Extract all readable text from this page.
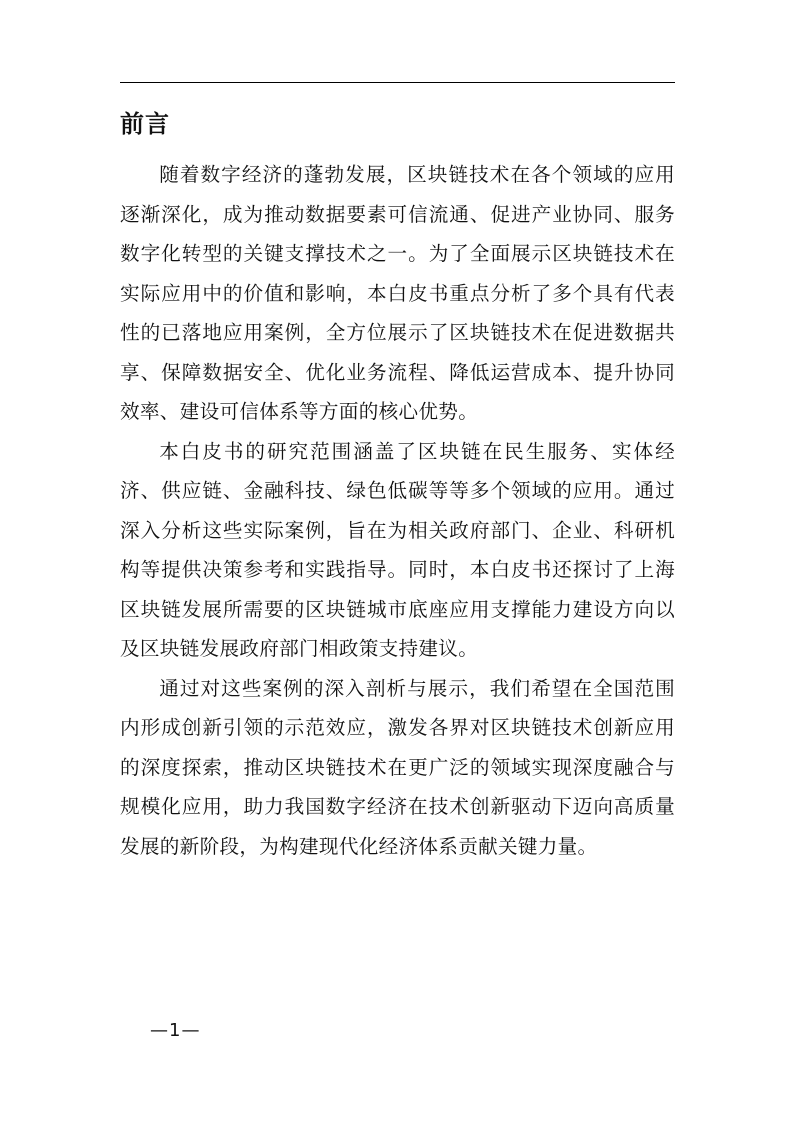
前言

随着数字经济的蓬勃发展，区块链技术在各个领域的应用逐渐深化，成为推动数据要素可信流通、促进产业协同、服务数字化转型的关键支撑技术之一。为了全面展示区块链技术在实际应用中的价值和影响，本白皮书重点分析了多个具有代表性的已落地应用案例，全方位展示了区块链技术在促进数据共享、保障数据安全、优化业务流程、降低运营成本、提升协同效率、建设可信体系等方面的核心优势。

本白皮书的研究范围涵盖了区块链在民生服务、实体经济、供应链、金融科技、绿色低碳等等多个领域的应用。通过深入分析这些实际案例，旨在为相关政府部门、企业、科研机构等提供决策参考和实践指导。同时，本白皮书还探讨了上海区块链发展所需要的区块链城市底座应用支撑能力建设方向以及区块链发展政府部门相政策支持建议。

通过对这些案例的深入剖析与展示，我们希望在全国范围内形成创新引领的示范效应，激发各界对区块链技术创新应用的深度探索，推动区块链技术在更广泛的领域实现深度融合与规模化应用，助力我国数字经济在技术创新驱动下迈向高质量发展的新阶段，为构建现代化经济体系贡献关键力量。

—1—
